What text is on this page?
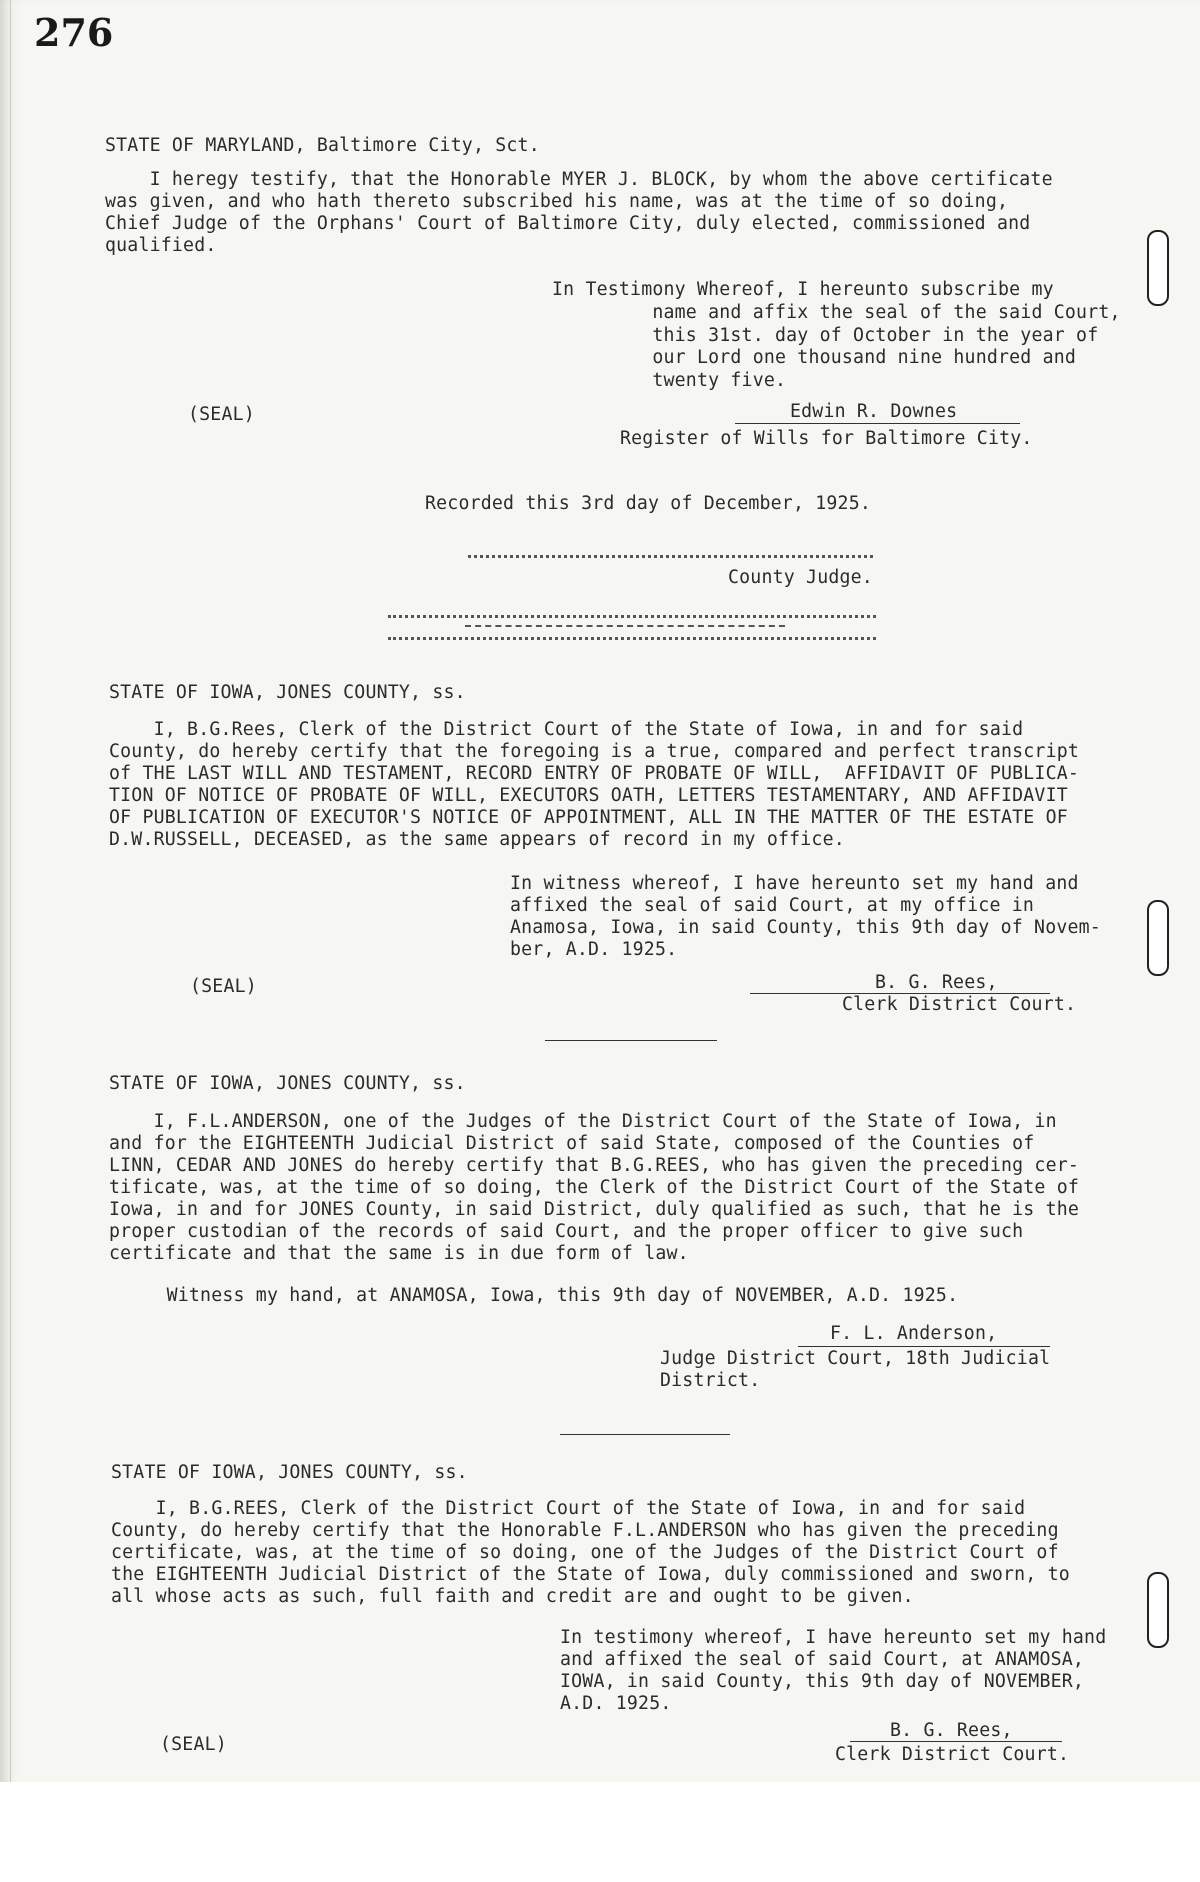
276
STATE OF MARYLAND, Baltimore City, Sct.
I heregy testify, that the Honorable MYER J. BLOCK, by whom the above certificate
was given, and who hath thereto subscribed his name, was at the time of so doing,
Chief Judge of the Orphans' Court of Baltimore City, duly elected, commissioned and
qualified.
In Testimony Whereof, I hereunto subscribe my
name and affix the seal of the said Court,
this 31st. day of October in the year of
our Lord one thousand nine hundred and
twenty five.
(SEAL)	Edwin R. Downes
Register of Wills for Baltimore City.
Recorded this 3rd day of December, 1925.
County Judge.
STATE OF IOWA, JONES COUNTY, ss.
I, B.G.Rees, Clerk of the District Court of the State of Iowa, in and for said
County, do hereby certify that the foregoing is a true, compared and perfect transcript
of THE LAST WILL AND TESTAMENT, RECORD ENTRY OF PROBATE OF WILL,  AFFIDAVIT OF PUBLICA-
TION OF NOTICE OF PROBATE OF WILL, EXECUTORS OATH, LETTERS TESTAMENTARY, AND AFFIDAVIT
OF PUBLICATION OF EXECUTOR'S NOTICE OF APPOINTMENT, ALL IN THE MATTER OF THE ESTATE OF
D.W.RUSSELL, DECEASED, as the same appears of record in my office.
In witness whereof, I have hereunto set my hand and
affixed the seal of said Court, at my office in
Anamosa, Iowa, in said County, this 9th day of Novem-
ber, A.D. 1925.
(SEAL)	B. G. Rees,
Clerk District Court.
STATE OF IOWA, JONES COUNTY, ss.
I, F.L.ANDERSON, one of the Judges of the District Court of the State of Iowa, in
and for the EIGHTEENTH Judicial District of said State, composed of the Counties of
LINN, CEDAR AND JONES do hereby certify that B.G.REES, who has given the preceding cer-
tificate, was, at the time of so doing, the Clerk of the District Court of the State of
Iowa, in and for JONES County, in said District, duly qualified as such, that he is the
proper custodian of the records of said Court, and the proper officer to give such
certificate and that the same is in due form of law.
Witness my hand, at ANAMOSA, Iowa, this 9th day of NOVEMBER, A.D. 1925.
F. L. Anderson,
Judge District Court, 18th Judicial
District.
STATE OF IOWA, JONES COUNTY, ss.
I, B.G.REES, Clerk of the District Court of the State of Iowa, in and for said
County, do hereby certify that the Honorable F.L.ANDERSON who has given the preceding
certificate, was, at the time of so doing, one of the Judges of the District Court of
the EIGHTEENTH Judicial District of the State of Iowa, duly commissioned and sworn, to
all whose acts as such, full faith and credit are and ought to be given.
In testimony whereof, I have hereunto set my hand
and affixed the seal of said Court, at ANAMOSA,
IOWA, in said County, this 9th day of NOVEMBER,
A.D. 1925.
(SEAL)
B. G. Rees,
Clerk District Court.
